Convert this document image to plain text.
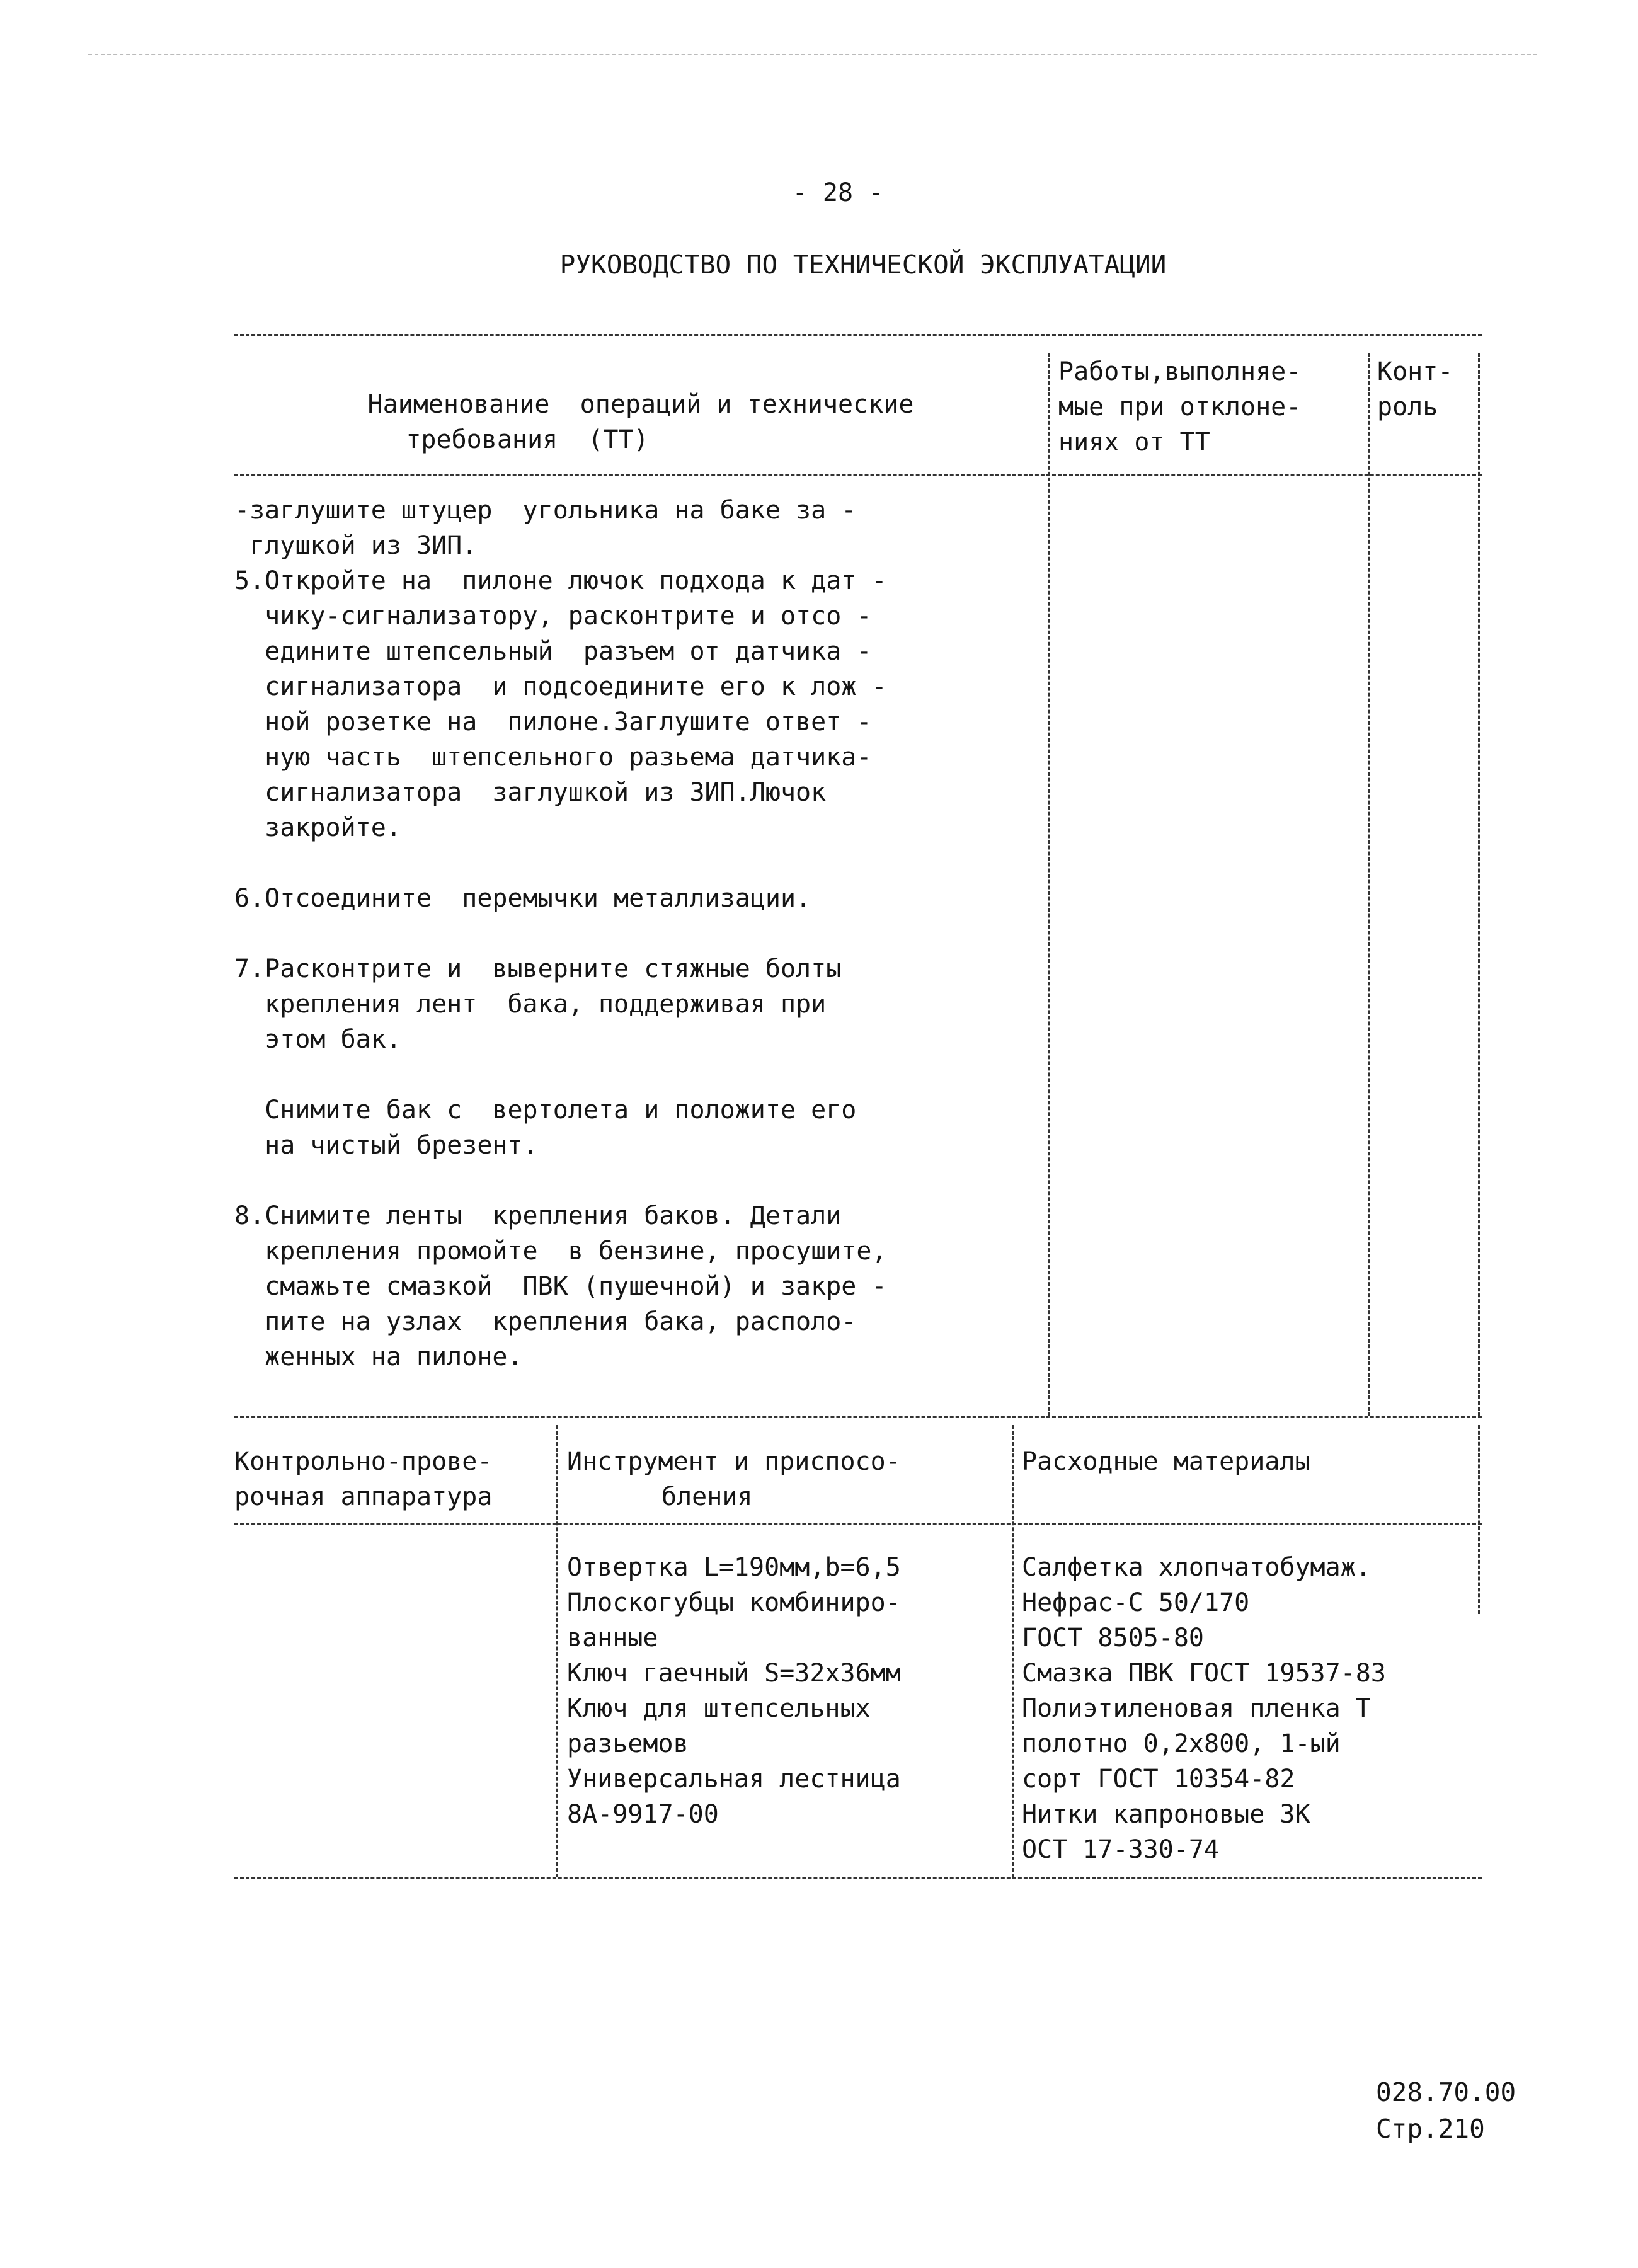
- 28 -
РУКОВОДСТВО ПО ТЕХНИЧЕСКОЙ ЭКСПЛУАТАЦИИ
Наименование  операций и технические
требования  (ТТ)
Работы,выполняе-
мые при отклоне-
ниях от ТТ
Конт-
роль
-заглушите штуцер  угольника на баке за -
глушкой из ЗИП.
5.Откройте на  пилоне лючок подхода к дат -
чику-сигнализатору, расконтрите и отсо -
едините штепсельный  разъем от датчика -
сигнализатора  и подсоедините его к лож -
ной розетке на  пилоне.Заглушите ответ -
ную часть  штепсельного разьема датчика-
сигнализатора  заглушкой из ЗИП.Лючок
закройте.
6.Отсоедините  перемычки металлизации.
7.Расконтрите и  выверните стяжные болты
крепления лент  бака, поддерживая при
этом бак.
Снимите бак с  вертолета и положите его
на чистый брезент.
8.Снимите ленты  крепления баков. Детали
крепления промойте  в бензине, просушите,
смажьте смазкой  ПВК (пушечной) и закре -
пите на узлах  крепления бака, располо-
женных на пилоне.
Контрольно-прове-
рочная аппаратура
Инструмент и приспосо-
бления
Расходные материалы
Отвертка L=190мм,b=6,5
Плоскогубцы комбиниро-
ванные
Ключ гаечный S=32x36мм
Ключ для штепсельных
разьемов
Универсальная лестница
8А-9917-00
Салфетка хлопчатобумаж.
Нефрас-С 50/170
ГОСТ 8505-80
Смазка ПВК ГОСТ 19537-83
Полиэтиленовая пленка Т
полотно 0,2x800, 1-ый
сорт ГОСТ 10354-82
Нитки капроновые 3К
ОСТ 17-330-74
028.70.00
Стр.210
